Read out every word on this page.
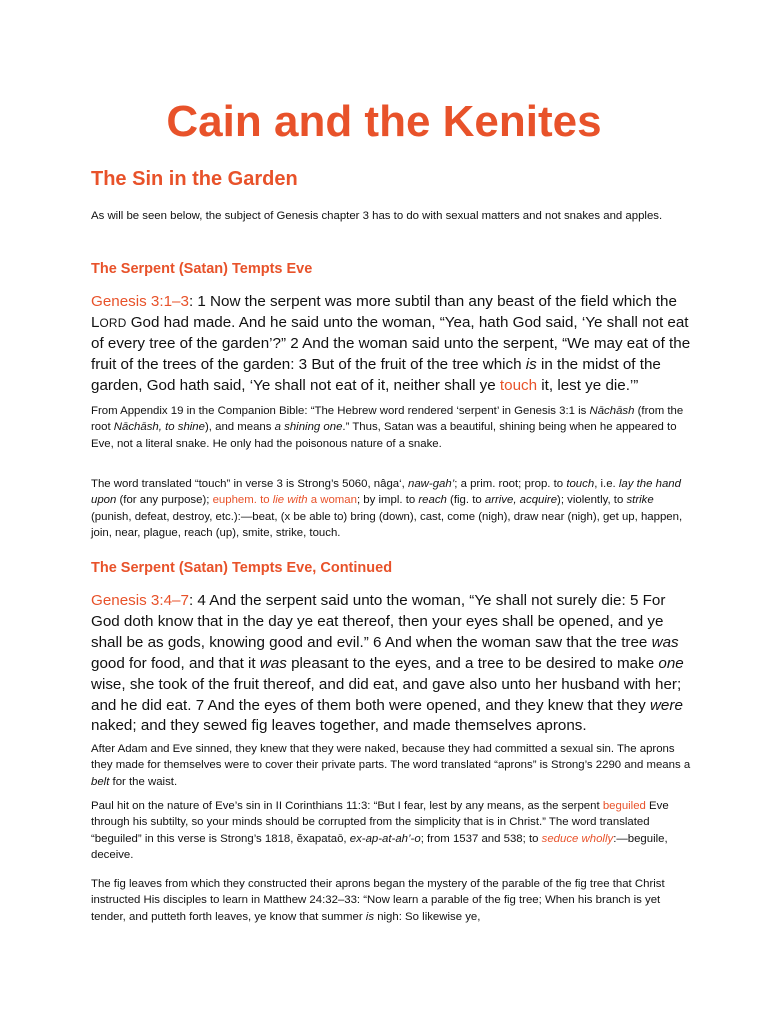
Cain and the Kenites
The Sin in the Garden
As will be seen below, the subject of Genesis chapter 3 has to do with sexual matters and not snakes and apples.
The Serpent (Satan) Tempts Eve
Genesis 3:1–3: 1 Now the serpent was more subtil than any beast of the field which the LORD God had made. And he said unto the woman, “Yea, hath God said, ‘Ye shall not eat of every tree of the garden’?” 2 And the woman said unto the serpent, “We may eat of the fruit of the trees of the garden: 3 But of the fruit of the tree which is in the midst of the garden, God hath said, ‘Ye shall not eat of it, neither shall ye touch it, lest ye die.’”
From Appendix 19 in the Companion Bible: “The Hebrew word rendered ‘serpent’ in Genesis 3:1 is Nāchāsh (from the root Nāchāsh, to shine), and means a shining one.” Thus, Satan was a beautiful, shining being when he appeared to Eve, not a literal snake. He only had the poisonous nature of a snake.
The word translated “touch” in verse 3 is Strong’s 5060, nâga‘, naw-gah’; a prim. root; prop. to touch, i.e. lay the hand upon (for any purpose); euphem. to lie with a woman; by impl. to reach (fig. to arrive, acquire); violently, to strike (punish, defeat, destroy, etc.):—beat, (x be able to) bring (down), cast, come (nigh), draw near (nigh), get up, happen, join, near, plague, reach (up), smite, strike, touch.
The Serpent (Satan) Tempts Eve, Continued
Genesis 3:4–7: 4 And the serpent said unto the woman, “Ye shall not surely die: 5 For God doth know that in the day ye eat thereof, then your eyes shall be opened, and ye shall be as gods, knowing good and evil.” 6 And when the woman saw that the tree was good for food, and that it was pleasant to the eyes, and a tree to be desired to make one wise, she took of the fruit thereof, and did eat, and gave also unto her husband with her; and he did eat. 7 And the eyes of them both were opened, and they knew that they were naked; and they sewed fig leaves together, and made themselves aprons.
After Adam and Eve sinned, they knew that they were naked, because they had committed a sexual sin. The aprons they made for themselves were to cover their private parts. The word translated “aprons” is Strong’s 2290 and means a belt for the waist.
Paul hit on the nature of Eve’s sin in II Corinthians 11:3: “But I fear, lest by any means, as the serpent beguiled Eve through his subtilty, so your minds should be corrupted from the simplicity that is in Christ.” The word translated “beguiled” in this verse is Strong’s 1818, ĕxapataō, ex-ap-at-ah’-o; from 1537 and 538; to seduce wholly:—beguile, deceive.
The fig leaves from which they constructed their aprons began the mystery of the parable of the fig tree that Christ instructed His disciples to learn in Matthew 24:32–33: “Now learn a parable of the fig tree; When his branch is yet tender, and putteth forth leaves, ye know that summer is nigh: So likewise ye,
